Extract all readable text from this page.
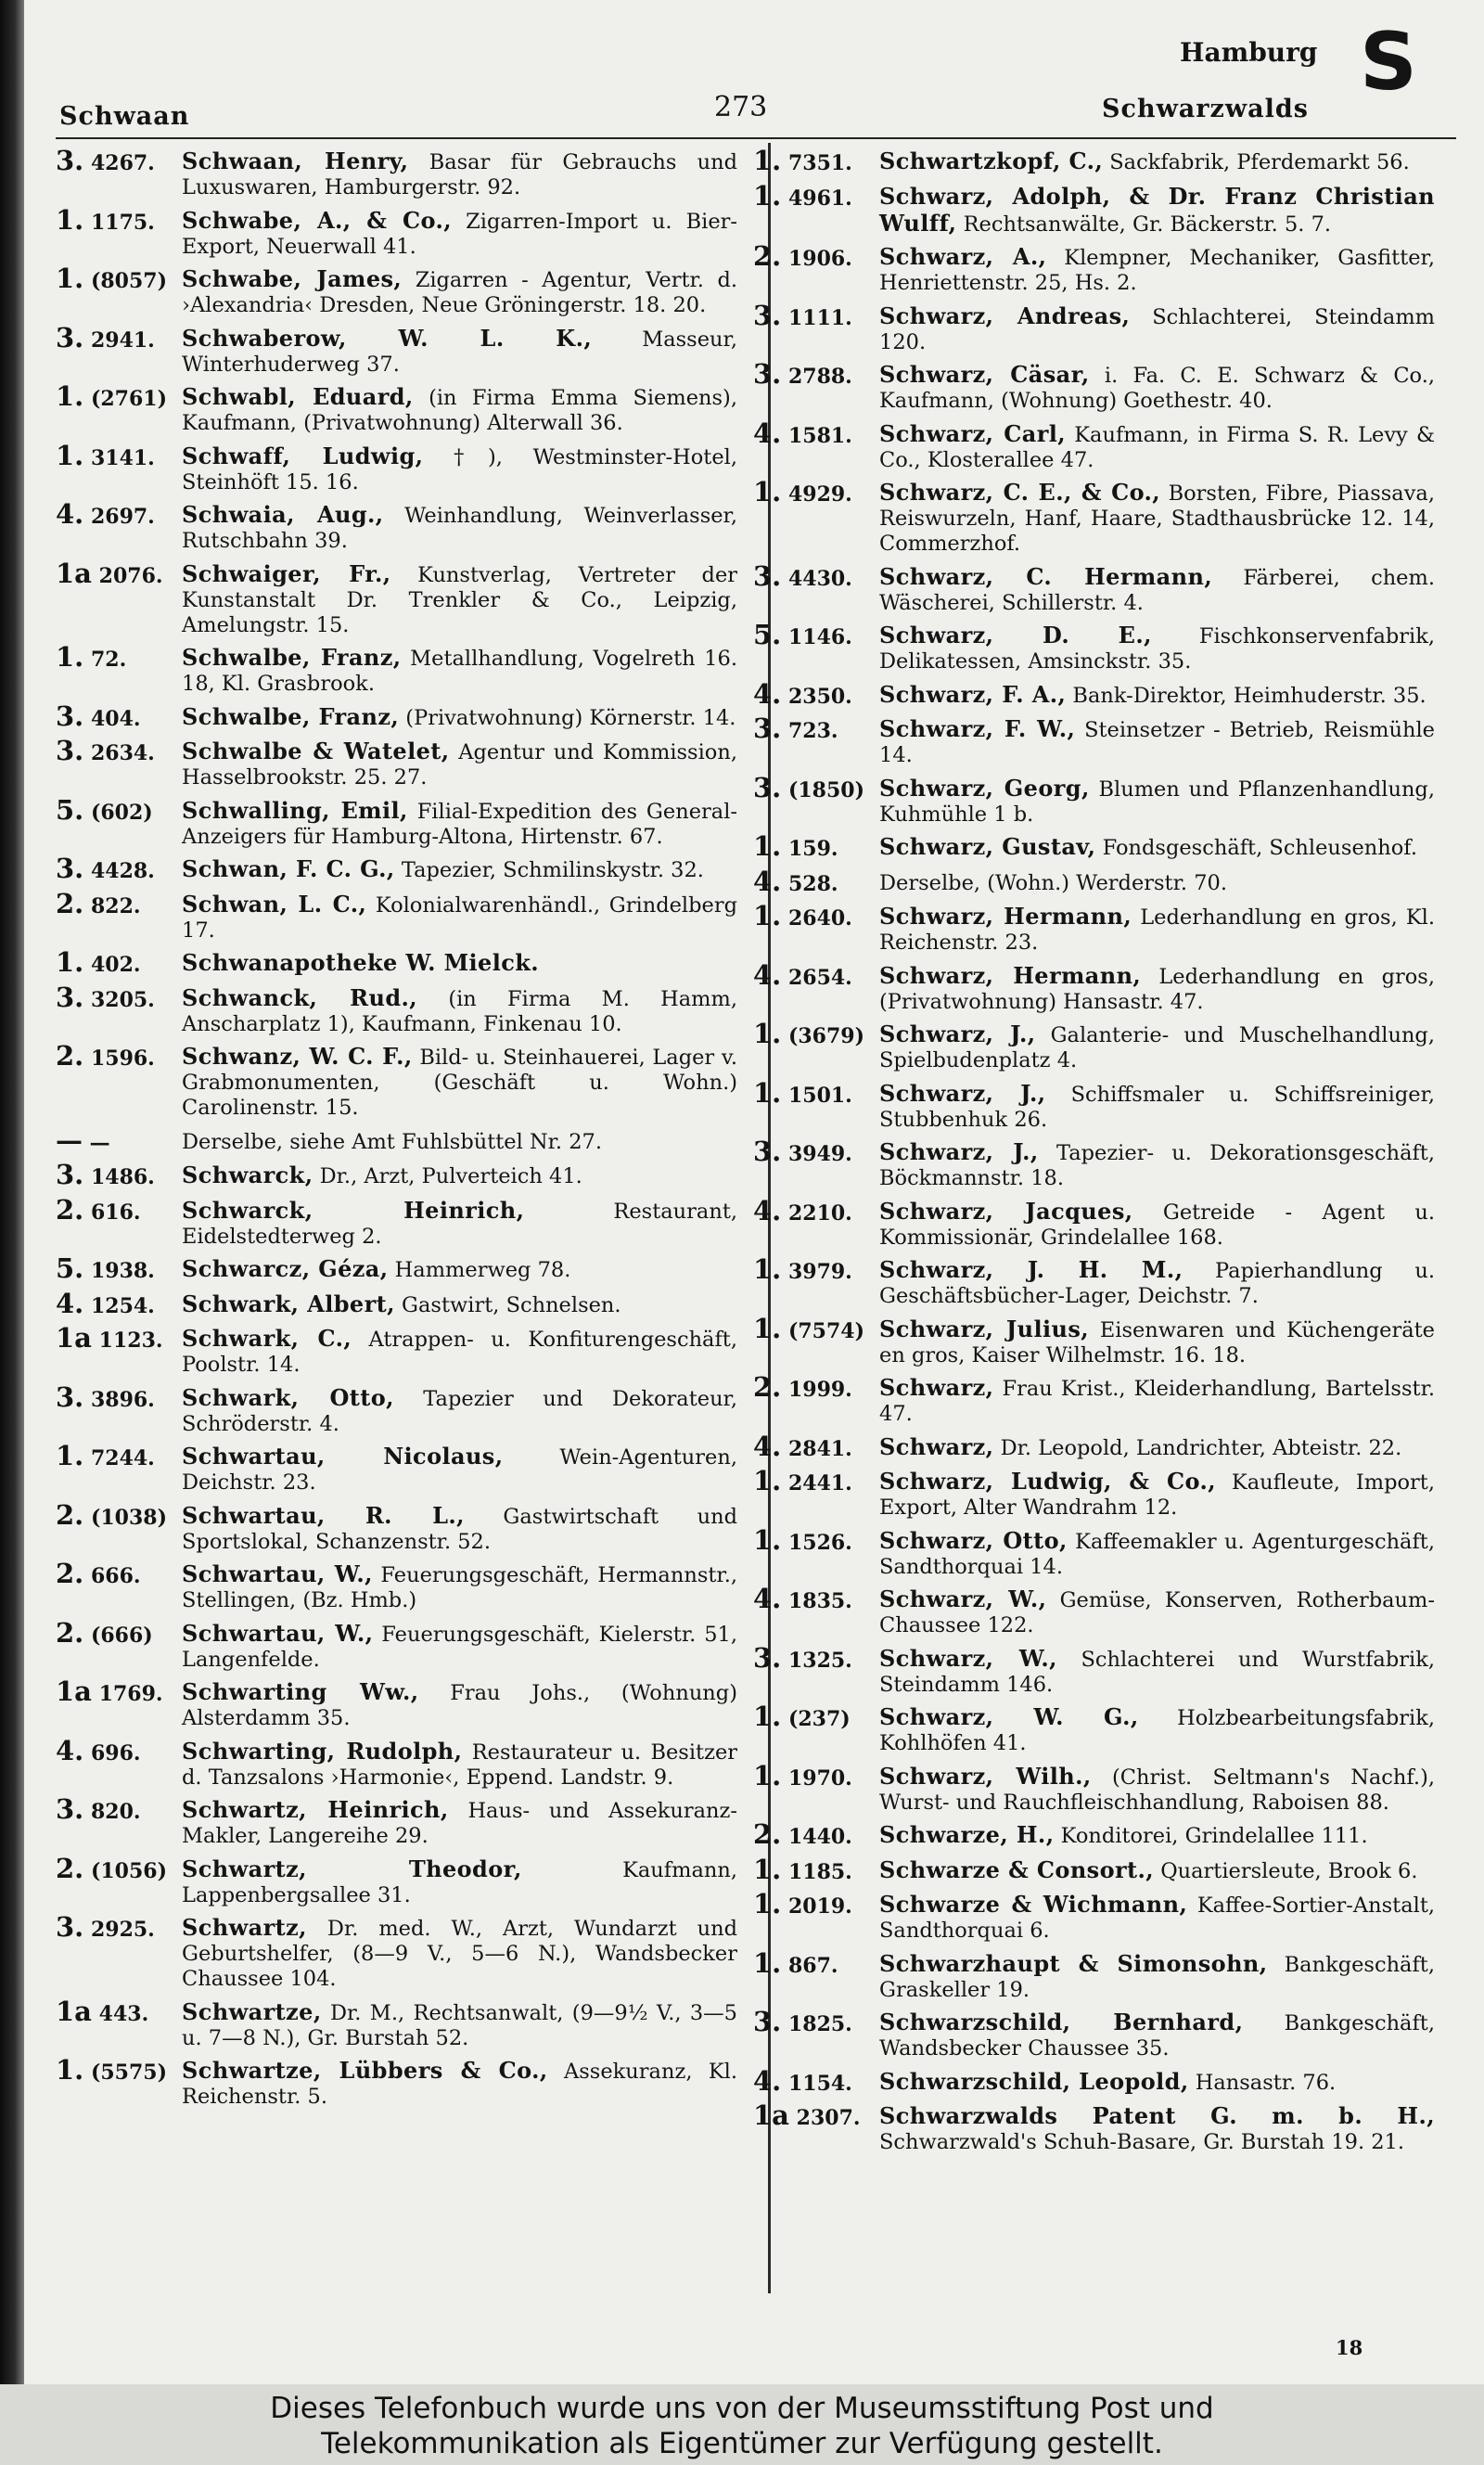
Schwaan	273
Hamburg
Schwarzwalds
S
3. 4267.	Schwaan, Henry, Basar für Gebrauchs und Luxuswaren, Hamburgerstr. 92.
1. 1175.	Schwabe, A., & Co., Zigarren-Import u. Bier-Export, Neuerwall 41.
1. (8057) Schwabe, James, Zigarren - Agentur, Vertr. d. ›Alexandria‹ Dresden, Neue Gröningerstr. 18. 20.
3. 2941.	Schwaberow, W. L. K., Masseur, Winterhuderweg 37.
1. (2761) Schwabl, Eduard, (in Firma Emma Siemens), Kaufmann, (Privatwohnung) Alterwall 36.
1. 3141.	Schwaff, Ludwig, †), Westminster-Hotel, Steinhöft 15. 16.
4. 2697.	Schwaia, Aug., Weinhandlung, Weinverlasser, Rutschbahn 39.
1a 2076. Schwaiger, Fr., Kunstverlag, Vertreter der Kunstanstalt Dr. Trenkler & Co., Leipzig, Amelungstr. 15.
1. 72.	Schwalbe, Franz, Metallhandlung, Vogelreth 16. 18, Kl. Grasbrook.
3. 404.	Schwalbe, Franz, (Privatwohnung) Körnerstr. 14.
3. 2634.	Schwalbe & Watelet, Agentur und Kommission, Hasselbrookstr. 25. 27.
5. (602)	Schwalling, Emil, Filial-Expedition des General-Anzeigers für Hamburg-Altona, Hirtenstr. 67.
3. 4428.	Schwan, F. C. G., Tapezier, Schmilinskystr. 32.
2. 822.	Schwan, L. C., Kolonialwarenhändl., Grindelberg 17.
1. 402.	Schwanapotheke W. Mielck.
3. 3205.	Schwanck, Rud., (in Firma M. Hamm, Anscharplatz 1), Kaufmann, Finkenau 10.
2. 1596.	Schwanz, W. C. F., Bild- u. Steinhauerei, Lager v. Grabmonumenten, (Geschäft u. Wohn.) Carolinenstr. 15.
— —	Derselbe, siehe Amt Fuhlsbüttel Nr. 27.
3. 1486.	Schwarck, Dr., Arzt, Pulverteich 41.
2. 616.	Schwarck, Heinrich,	Restaurant, Eidelstedterweg 2.
5. 1938.	Schwarcz, Géza, Hammerweg 78.
4. 1254.	Schwark, Albert, Gastwirt, Schnelsen.
1a 1123. Schwark, C., Atrappen- u. Konfiturengeschäft, Poolstr. 14.
3. 3896.	Schwark, Otto, Tapezier und Dekorateur, Schröderstr. 4.
1. 7244.	Schwartau, Nicolaus,	Wein-Agenturen, Deichstr. 23.
2. (1038) Schwartau, R. L., Gastwirtschaft und Sportslokal, Schanzenstr. 52.
2. 666.	Schwartau, W., Feuerungsgeschäft, Hermannstr., Stellingen, (Bz. Hmb.)
2. (666)	Schwartau, W., Feuerungsgeschäft, Kielerstr. 51, Langenfelde.
1a 1769. Schwarting Ww., Frau Johs., (Wohnung) Alsterdamm 35.
4. 696.	Schwarting, Rudolph, Restaurateur u. Besitzer d. Tanzsalons ›Harmonie‹, Eppend. Landstr. 9.
3. 820.	Schwartz, Heinrich, Haus- und Assekuranz-Makler, Langereihe 29.
2. (1056) Schwartz, Theodor,	Kaufmann, Lappenbergsallee 31.
3. 2925.	Schwartz, Dr. med. W., Arzt, Wundarzt und Geburtshelfer, (8—9 V., 5—6 N.), Wandsbecker Chaussee 104.
1a 443.	Schwartze, Dr. M., Rechtsanwalt, (9—9½ V., 3—5 u. 7—8 N.), Gr. Burstah 52.
1. (5575) Schwartze, Lübbers & Co., Assekuranz, Kl. Reichenstr. 5.
1. 7351.	Schwartzkopf, C., Sackfabrik, Pferdemarkt 56.
1. 4961.	Schwarz, Adolph, & Dr. Franz Christian Wulff, Rechtsanwälte, Gr. Bäckerstr. 5. 7.
2. 1906.	Schwarz, A., Klempner, Mechaniker, Gasfitter, Henriettenstr. 25, Hs. 2.
3. 1111.	Schwarz, Andreas, Schlachterei, Steindamm 120.
3. 2788.	Schwarz, Cäsar, i. Fa. C. E. Schwarz & Co., Kaufmann, (Wohnung) Goethestr. 40.
4. 1581.	Schwarz, Carl, Kaufmann, in Firma S. R. Levy & Co., Klosterallee 47.
1. 4929.	Schwarz, C. E., & Co., Borsten, Fibre, Piassava, Reiswurzeln, Hanf, Haare, Stadthausbrücke 12. 14, Commerzhof.
3. 4430.	Schwarz, C. Hermann, Färberei, chem. Wäscherei, Schillerstr. 4.
5. 1146.	Schwarz, D. E., Fischkonservenfabrik, Delikatessen, Amsinckstr. 35.
4. 2350.	Schwarz, F. A., Bank-Direktor, Heimhuderstr. 35.
3. 723.	Schwarz, F. W., Steinsetzer - Betrieb, Reismühle 14.
3. (1850) Schwarz, Georg, Blumen und Pflanzenhandlung, Kuhmühle 1 b.
1. 159.	Schwarz, Gustav, Fondsgeschäft, Schleusenhof.
4. 528.	Derselbe, (Wohn.) Werderstr. 70.
1. 2640.	Schwarz, Hermann, Lederhandlung en gros, Kl. Reichenstr. 23.
4. 2654.	Schwarz, Hermann, Lederhandlung en gros, (Privatwohnung) Hansastr. 47.
1. (3679) Schwarz, J., Galanterie- und Muschelhandlung, Spielbudenplatz 4.
1. 1501.	Schwarz, J., Schiffsmaler u. Schiffsreiniger, Stubbenhuk 26.
3. 3949.	Schwarz, J., Tapezier- u. Dekorationsgeschäft, Böckmannstr. 18.
4. 2210.	Schwarz, Jacques, Getreide - Agent u. Kommissionär, Grindelallee 168.
1. 3979.	Schwarz, J. H. M., Papierhandlung u. Geschäftsbücher-Lager, Deichstr. 7.
1. (7574) Schwarz, Julius, Eisenwaren und Küchengeräte en gros, Kaiser Wilhelmstr. 16. 18.
2. 1999.	Schwarz, Frau Krist., Kleiderhandlung, Bartelsstr. 47.
4. 2841.	Schwarz, Dr. Leopold, Landrichter, Abteistr. 22.
1. 2441.	Schwarz, Ludwig, & Co., Kaufleute, Import, Export, Alter Wandrahm 12.
1. 1526.	Schwarz, Otto, Kaffeemakler u. Agenturgeschäft, Sandthorquai 14.
4. 1835.	Schwarz, W., Gemüse, Konserven, Rotherbaum-Chaussee 122.
3. 1325.	Schwarz, W., Schlachterei und Wurstfabrik, Steindamm 146.
1. (237)	Schwarz, W. G., Holzbearbeitungsfabrik, Kohlhöfen 41.
1. 1970.	Schwarz, Wilh., (Christ. Seltmann's Nachf.), Wurst- und Rauchfleischhandlung, Raboisen 88.
2. 1440.	Schwarze, H., Konditorei, Grindelallee 111.
1. 1185.	Schwarze & Consort., Quartiersleute, Brook 6.
1. 2019.	Schwarze & Wichmann, Kaffee-Sortier-Anstalt, Sandthorquai 6.
1. 867.	Schwarzhaupt & Simonsohn, Bankgeschäft, Graskeller 19.
3. 1825.	Schwarzschild, Bernhard, Bankgeschäft, Wandsbecker Chaussee 35.
4. 1154.	Schwarzschild, Leopold, Hansastr. 76.
1a 2307. Schwarzwalds Patent G. m. b. H., Schwarzwald's Schuh-Basare, Gr. Burstah 19. 21.
18
Dieses Telefonbuch wurde uns von der Museumsstiftung Post und
Telekommunikation als Eigentümer zur Verfügung gestellt.
